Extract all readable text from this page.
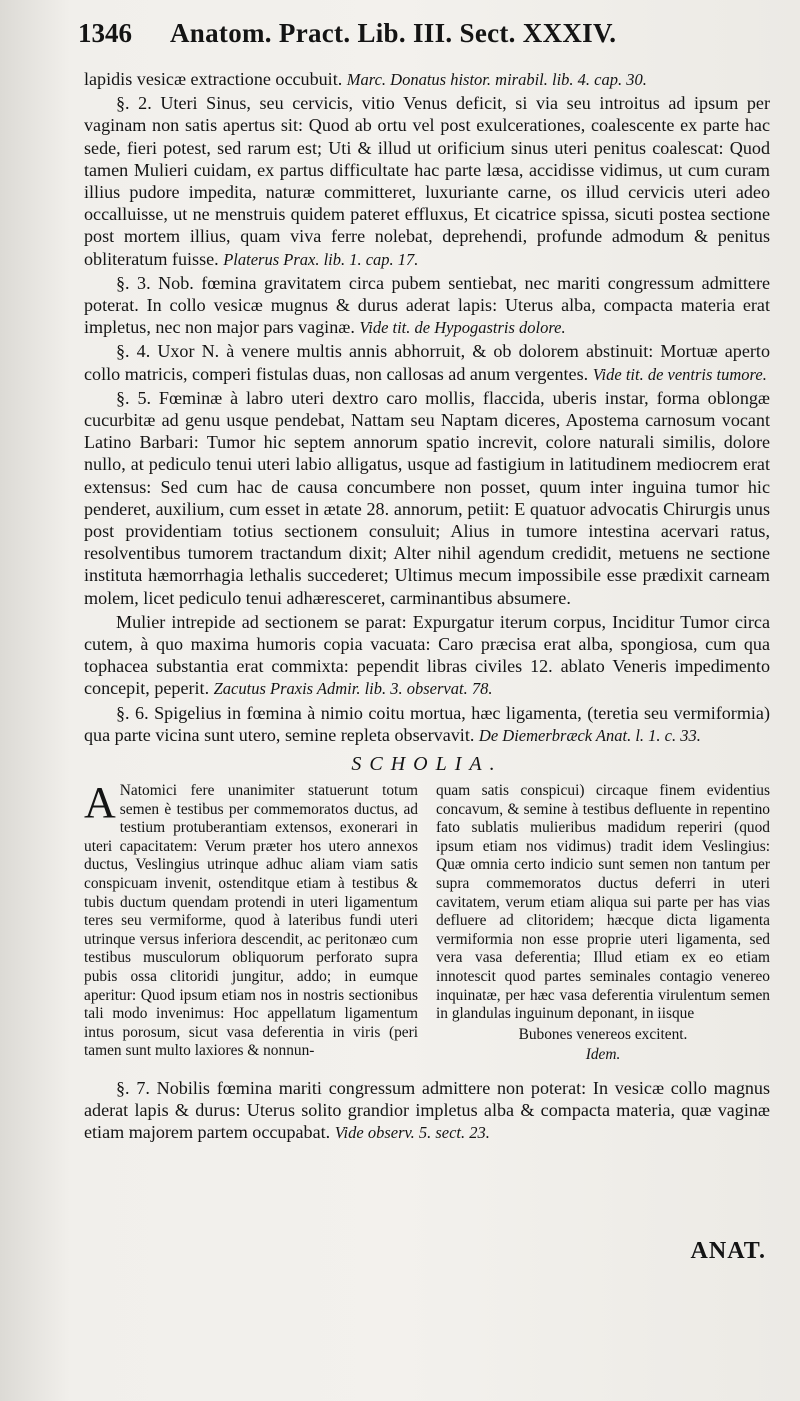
1346	Anatom. Pract. Lib. III. Sect. XXXIV.

lapidis vesicæ extractione occubuit. Marc. Donatus histor. mirabil. lib. 4. cap. 30.

§. 2. Uteri Sinus, seu cervicis, vitio Venus deficit, si via seu introitus ad ipsum per vaginam non satis apertus sit: Quod ab ortu vel post exulcerationes, coalescente ex parte hac sede, fieri potest, sed rarum est; Uti & illud ut orificium sinus uteri penitus coalescat: Quod tamen Mulieri cuidam, ex partus difficultate hac parte læsa, accidisse vidimus, ut cum curam illius pudore impedita, naturæ committeret, luxuriante carne, os illud cervicis uteri adeo occalluisse, ut ne menstruis quidem pateret effluxus, Et cicatrice spissa, sicuti postea sectione post mortem illius, quam viva ferre nolebat, deprehendi, profunde admodum & penitus obliteratum fuisse. Platerus Prax. lib. 1. cap. 17.

§. 3. Nob. fœmina gravitatem circa pubem sentiebat, nec mariti congressum admittere poterat. In collo vesicæ mugnus & durus aderat lapis: Uterus alba, compacta materia erat impletus, nec non major pars vaginæ. Vide tit. de Hypogastris dolore.

§. 4. Uxor N. à venere multis annis abhorruit, & ob dolorem abstinuit: Mortuæ aperto collo matricis, comperi fistulas duas, non callosas ad anum vergentes. Vide tit. de ventris tumore.

§. 5. Fœminæ à labro uteri dextro caro mollis, flaccida, uberis instar, forma oblongæ cucurbitæ ad genu usque pendebat, Nattam seu Naptam diceres, Apostema carnosum vocant Latino Barbari: Tumor hic septem annorum spatio increvit, colore naturali similis, dolore nullo, at pediculo tenui uteri labio alligatus, usque ad fastigium in latitudinem mediocrem erat extensus: Sed cum hac de causa concumbere non posset, quum inter inguina tumor hic penderet, auxilium, cum esset in ætate 28. annorum, petiit: E quatuor advocatis Chirurgis unus post providentiam totius sectionem consuluit; Alius in tumore intestina acervari ratus, resolventibus tumorem tractandum dixit; Alter nihil agendum credidit, metuens ne sectione instituta hæmorrhagia lethalis succederet; Ultimus mecum impossibile esse prædixit carneam molem, licet pediculo tenui adhæresceret, carminantibus absumere.

Mulier intrepide ad sectionem se parat: Expurgatur iterum corpus, Inciditur Tumor circa cutem, à quo maxima humoris copia vacuata: Caro præcisa erat alba, spongiosa, cum qua tophacea substantia erat commixta: pependit libras civiles 12. ablato Veneris impedimento concepit, peperit. Zacutus Praxis Admir. lib. 3. observat. 78.

§. 6. Spigelius in fœmina à nimio coitu mortua, hæc ligamenta, (teretia seu vermiformia) qua parte vicina sunt utero, semine repleta observavit. De Diemerbræck Anat. l. 1. c. 33.

SCHOLIA.

A Natomici fere unanimiter statuerunt totum semen è testibus per commemoratos ductus, ad testium protuberantiam extensos, exonerari in uteri capacitatem: Verum præter hos utero annexos ductus, Veslingius utrinque adhuc aliam viam satis conspicuam invenit, ostenditque etiam à testibus & tubis ductum quendam protendi in uteri ligamentum teres seu vermiforme, quod à lateribus fundi uteri utrinque versus inferiora descendit, ac peritonæo cum testibus musculorum obliquorum perforato supra pubis ossa clitoridi jungitur, addo; in eumque aperitur: Quod ipsum etiam nos in nostris sectionibus tali modo invenimus: Hoc appellatum ligamentum intus porosum, sicut vasa deferentia in viris (peri tamen sunt multo laxiores & nonnun-

quam satis conspicui) circaque finem evidentius concavum, & semine à testibus defluente in repentino fato sublatis mulieribus madidum reperiri (quod ipsum etiam nos vidimus) tradit idem Veslingius: Quæ omnia certo indicio sunt semen non tantum per supra commemoratos ductus deferri in uteri cavitatem, verum etiam aliqua sui parte per has vias defluere ad clitoridem; hæcque dicta ligamenta vermiformia non esse proprie uteri ligamenta, sed vera vasa deferentia; Illud etiam ex eo etiam innotescit quod partes seminales contagio venereo inquinatæ, per hæc vasa deferentia virulentum semen in glandulas inguinum deponant, in iisque

Bubones venereos excitent.
Idem.

§. 7. Nobilis fœmina mariti congressum admittere non poterat: In vesicæ collo magnus aderat lapis & durus: Uterus solito grandior impletus alba & compacta materia, quæ vaginæ etiam majorem partem occupabat. Vide observ. 5. sect. 23.

ANAT.
